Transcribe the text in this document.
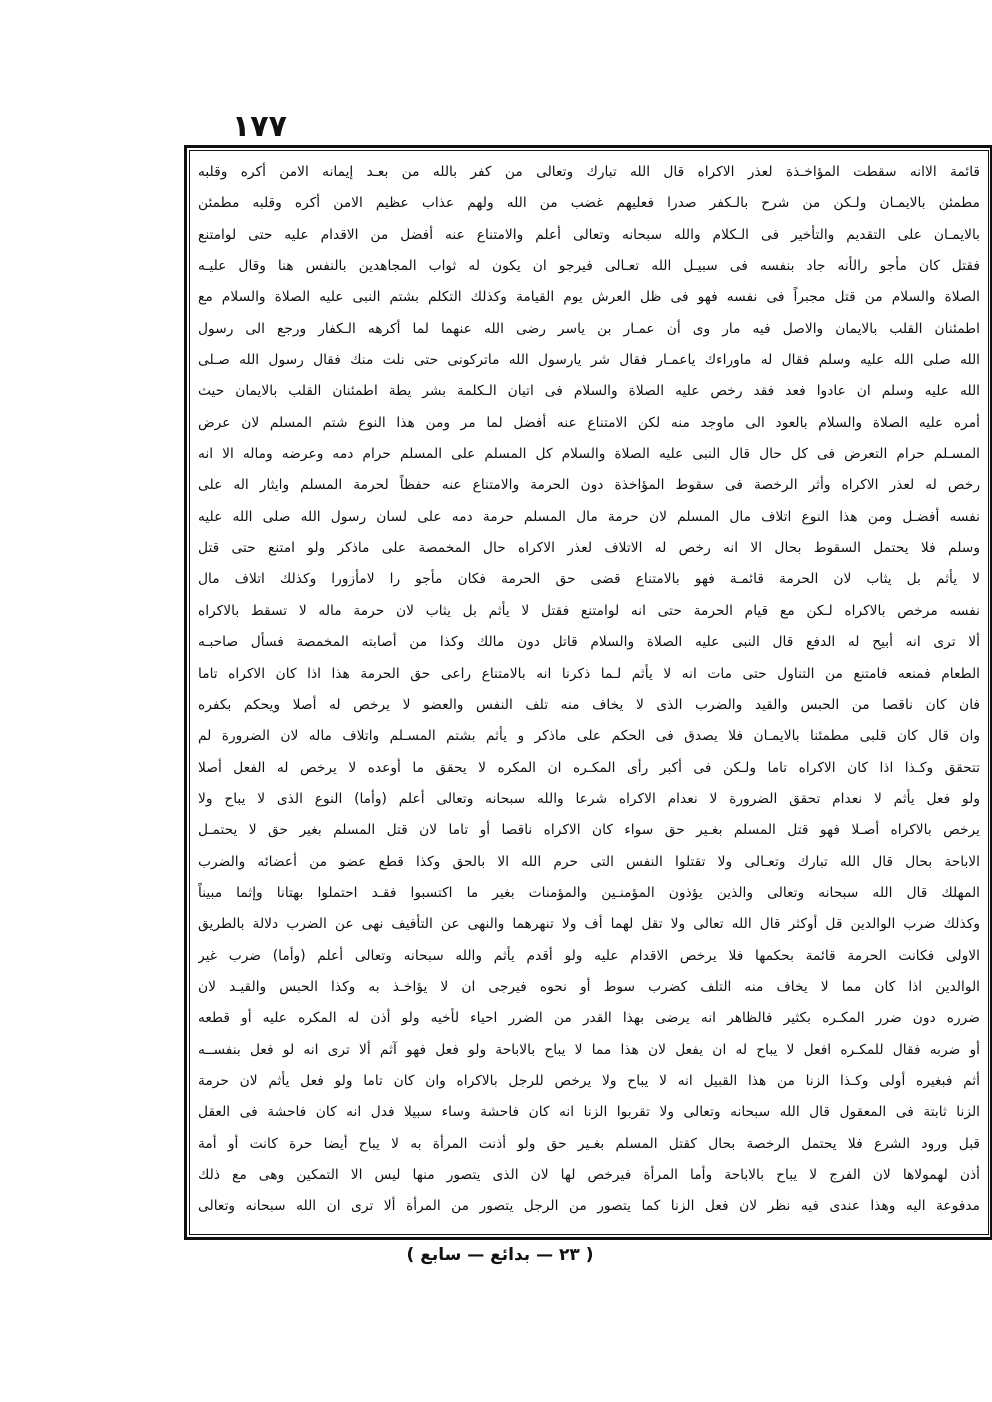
١٧٧
قائمة الاانه سقطت المؤاخـذة لعذر الاكراه قال الله تبارك وتعالى من كفر بالله من بعـد إيمانه الامن أكره وقلبه
مطمئن بالايمـان ولـكن من شرح بالـكفر صدرا فعليهم غضب من الله ولهم عذاب عظيم الامن أكره وقلبه مطمئن
بالايمـان على التقديم والتأخير فى الـكلام والله سبحانه وتعالى أعلم والامتناع عنه أفضل من الاقدام عليه حتى لوامتنع
فقتل كان مأجو رالأنه جاد بنفسه فى سبيـل الله تعـالى فيرجو ان يكون له ثواب المجاهدين بالنفس هنا وقال عليـه
الصلاة والسلام من قتل مجبراً فى نفسه فهو فى ظل العرش يوم القيامة وكذلك التكلم بشتم النبى عليه الصلاة والسلام مع
اطمئنان القلب بالايمان والاصل فيه مار وى أن عمـار بن ياسر رضى الله عنهما لما أكرهه الـكفار ورجع الى رسول
الله صلى الله عليه وسلم فقال له ماوراءك ياعمـار فقال شر يارسول الله ماتركونى حتى نلت منك فقال رسول الله صـلى
الله عليه وسلم ان عادوا فعد فقد رخص عليه الصلاة والسلام فى اتيان الـكلمة بشر يطة اطمئنان القلب بالايمان حيث
أمره عليه الصلاة والسلام بالعود الى ماوجد منه لكن الامتناع عنه أفضل لما مر ومن هذا النوع شتم المسلم لان عرض
المسـلم حرام التعرض فى كل حال قال النبى عليه الصلاة والسلام كل المسلم على المسلم حرام دمه وعرضه وماله الا انه
رخص له لعذر الاكراه وأثر الرخصة فى سقوط المؤاخذة دون الحرمة والامتناع عنه حفظاً لحرمة المسلم وايثار اله على
نفسه أفضـل ومن هذا النوع اتلاف مال المسلم لان حرمة مال المسلم حرمة دمه على لسان رسول الله صلى الله عليه
وسلم فلا يحتمل السقوط بحال الا انه رخص له الاتلاف لعذر الاكراه حال المخمصة على ماذكر ولو امتنع حتى قتل
لا يأثم بل يثاب لان الحرمة قائمـة فهو بالامتناع قضى حق الحرمة فكان مأجو را لامأزورا وكذلك اتلاف مال
نفسه مرخص بالاكراه لـكن مع قيام الحرمة حتى انه لوامتنع فقتل لا يأثم بل يثاب لان حرمة ماله لا تسقط بالاكراه
ألا ترى انه أبيح له الدفع قال النبى عليه الصلاة والسلام قاتل دون مالك وكذا من أصابته المخمصة فسأل صاحبـه
الطعام فمنعه فامتنع من التناول حتى مات انه لا يأثم لـما ذكرنا انه بالامتناع راعى حق الحرمة هذا اذا كان الاكراه تاما
فان كان ناقصا من الحبس والقيد والضرب الذى لا يخاف منه تلف النفس والعضو لا يرخص له أصلا ويحكم بكفره
وان قال كان قلبى مطمئنا بالايمـان فلا يصدق فى الحكم على ماذكر و يأثم بشتم المسـلم واتلاف ماله لان الضرورة لم
تتحقق وكـذا اذا كان الاكراه تاما ولـكن فى أكبر رأى المكـره ان المكره لا يحقق ما أوعده لا يرخص له الفعل أصلا
ولو فعل يأثم لا نعدام تحقق الضرورة لا نعدام الاكراه شرعا والله سبحانه وتعالى أعلم (وأما) النوع الذى لا يباح ولا
يرخص بالاكراه أصـلا فهو قتل المسلم بغـير حق سواء كان الاكراه ناقصا أو تاما لان قتل المسلم بغير حق لا يحتمـل
الاباحة بحال قال الله تبارك وتعـالى ولا تقتلوا النفس التى حرم الله الا بالحق وكذا قطع عضو من أعضائه والضرب
المهلك قال الله سبحانه وتعالى والذين يؤذون المؤمنـين والمؤمنات بغير ما اكتسبوا فقـد احتملوا بهتانا وإثما مبيناً
وكذلك ضرب الوالدين قل أوكثر قال الله تعالى ولا تقل لهما أف ولا تنهرهما والنهى عن التأفيف نهى عن الضرب دلالة بالطريق
الاولى فكانت الحرمة قائمة بحكمها فلا يرخص الاقدام عليه ولو أقدم يأثم والله سبحانه وتعالى أعلم (وأما) ضرب غير
الوالدين اذا كان مما لا يخاف منه التلف كضرب سوط أو نحوه فيرجى ان لا يؤاخـذ به وكذا الحبس والقيـد لان
ضرره دون ضرر المكـره بكثير فالظاهر انه يرضى بهذا القدر من الضرر احياء لأخيه ولو أذن له المكره عليه أو قطعه
أو ضربه فقال للمكـره افعل لا يباح له ان يفعل لان هذا مما لا يباح بالاباحة ولو فعل فهو آثم ألا ترى انه لو فعل بنفســه
أثم فبغيره أولى وكـذا الزنا من هذا القبيل انه لا يباح ولا يرخص للرجل بالاكراه وان كان تاما ولو فعل يأثم لان حرمة
الزنا ثابتة فى المعقول قال الله سبحانه وتعالى ولا تقربوا الزنا انه كان فاحشة وساء سبيلا فدل انه كان فاحشة فى العقل
قبل ورود الشرع فلا يحتمل الرخصة بحال كقتل المسلم بغـير حق ولو أذنت المرأة به لا يباح أيضا حرة كانت أو أمة
أذن لهمولاها لان الفرج لا يباح بالاباحة وأما المرأة فيرخص لها لان الذى يتصور منها ليس الا التمكين وهى مع ذلك
مدفوعة اليه وهذا عندى فيه نظر لان فعل الزنا كما يتصور من الرجل يتصور من المرأة ألا ترى ان الله سبحانه وتعالى
( ٢٣ — بدائع — سابع )
